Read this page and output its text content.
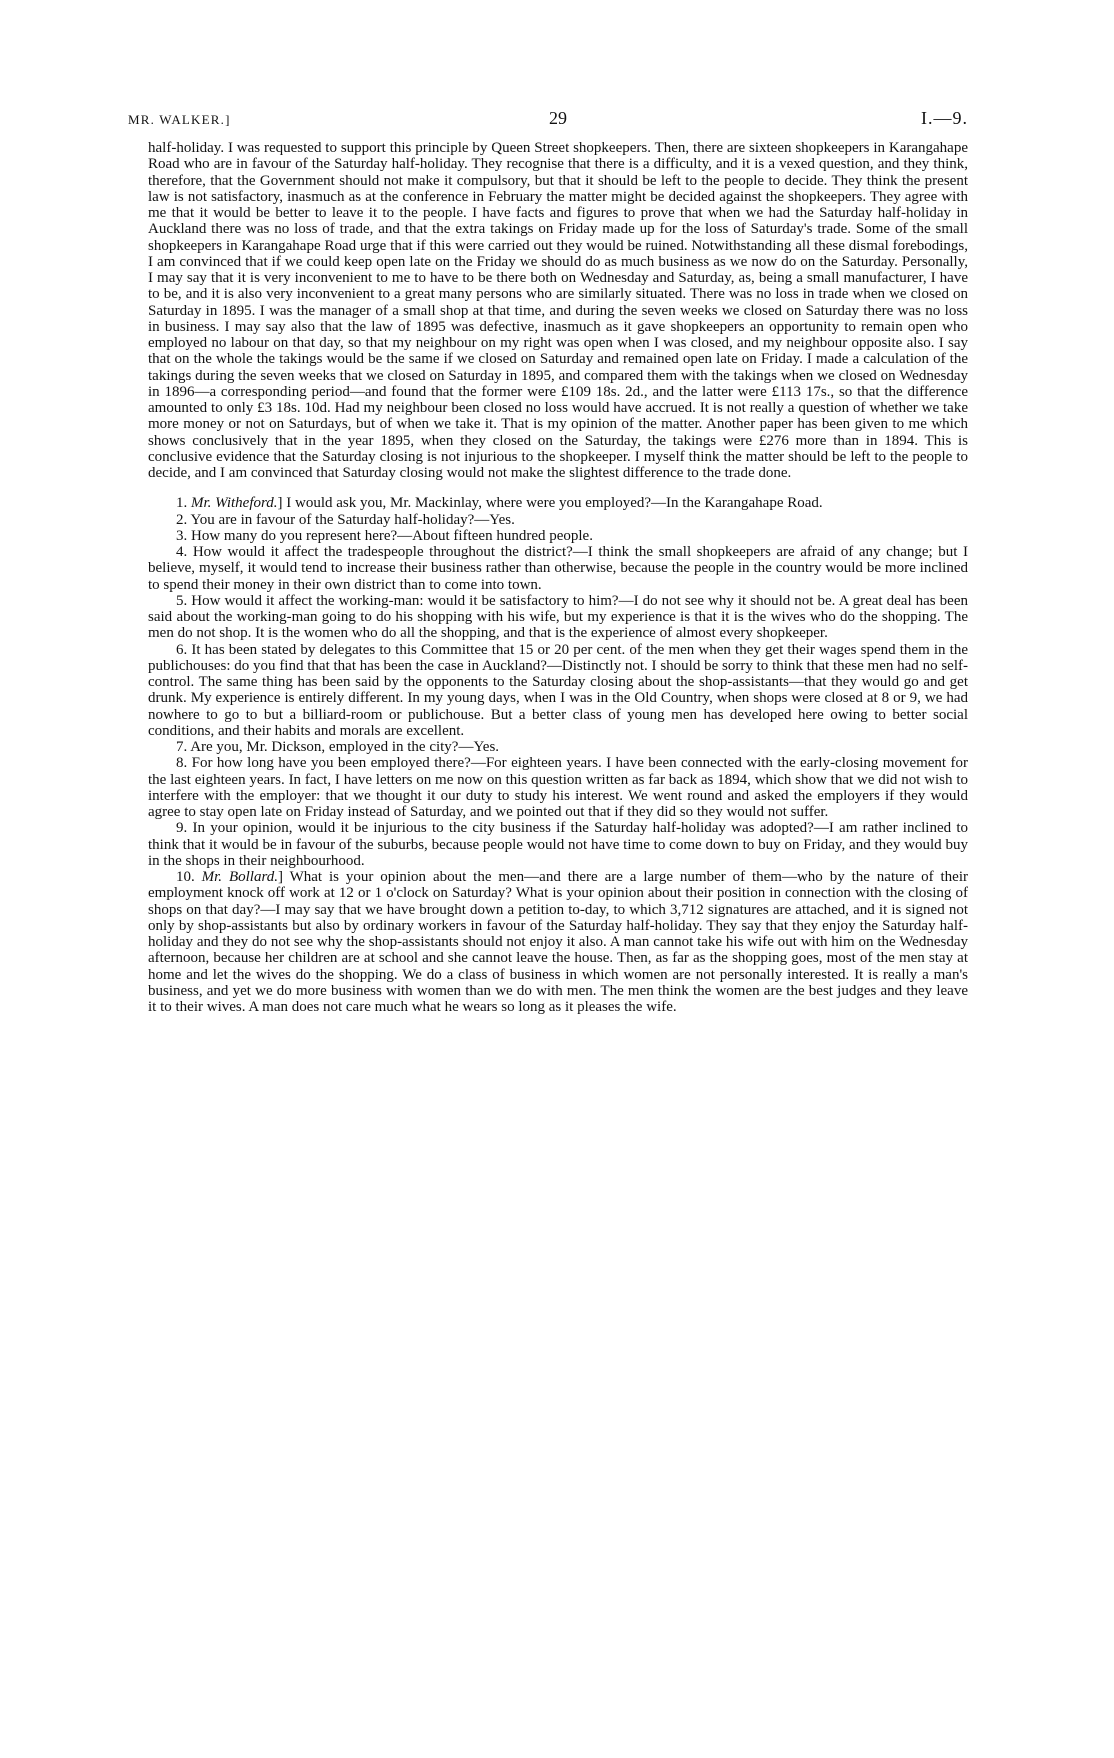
MR. WALKER.]	29	I.—9.

half-holiday. I was requested to support this principle by Queen Street shopkeepers. Then, there are sixteen shopkeepers in Karangahape Road who are in favour of the Saturday half-holiday. They recognise that there is a difficulty, and it is a vexed question, and they think, therefore, that the Government should not make it compulsory, but that it should be left to the people to decide. They think the present law is not satisfactory, inasmuch as at the conference in February the matter might be decided against the shopkeepers. They agree with me that it would be better to leave it to the people. I have facts and figures to prove that when we had the Saturday half-holiday in Auckland there was no loss of trade, and that the extra takings on Friday made up for the loss of Saturday's trade. Some of the small shopkeepers in Karangahape Road urge that if this were carried out they would be ruined. Notwithstanding all these dismal forebodings, I am convinced that if we could keep open late on the Friday we should do as much business as we now do on the Saturday. Personally, I may say that it is very inconvenient to me to have to be there both on Wednesday and Saturday, as, being a small manufacturer, I have to be, and it is also very inconvenient to a great many persons who are similarly situated. There was no loss in trade when we closed on Saturday in 1895. I was the manager of a small shop at that time, and during the seven weeks we closed on Saturday there was no loss in business. I may say also that the law of 1895 was defective, inasmuch as it gave shopkeepers an opportunity to remain open who employed no labour on that day, so that my neighbour on my right was open when I was closed, and my neighbour opposite also. I say that on the whole the takings would be the same if we closed on Saturday and remained open late on Friday. I made a calculation of the takings during the seven weeks that we closed on Saturday in 1895, and compared them with the takings when we closed on Wednesday in 1896—a corresponding period—and found that the former were £109 18s. 2d., and the latter were £113 17s., so that the difference amounted to only £3 18s. 10d. Had my neighbour been closed no loss would have accrued. It is not really a question of whether we take more money or not on Saturdays, but of when we take it. That is my opinion of the matter. Another paper has been given to me which shows conclusively that in the year 1895, when they closed on the Saturday, the takings were £276 more than in 1894. This is conclusive evidence that the Saturday closing is not injurious to the shopkeeper. I myself think the matter should be left to the people to decide, and I am convinced that Saturday closing would not make the slightest difference to the trade done.

1. Mr. Witheford.] I would ask you, Mr. Mackinlay, where were you employed?—In the Karangahape Road.

2. You are in favour of the Saturday half-holiday?—Yes.

3. How many do you represent here?—About fifteen hundred people.

4. How would it affect the tradespeople throughout the district?—I think the small shopkeepers are afraid of any change; but I believe, myself, it would tend to increase their business rather than otherwise, because the people in the country would be more inclined to spend their money in their own district than to come into town.

5. How would it affect the working-man: would it be satisfactory to him?—I do not see why it should not be. A great deal has been said about the working-man going to do his shopping with his wife, but my experience is that it is the wives who do the shopping. The men do not shop. It is the women who do all the shopping, and that is the experience of almost every shopkeeper.

6. It has been stated by delegates to this Committee that 15 or 20 per cent. of the men when they get their wages spend them in the publichouses: do you find that that has been the case in Auckland?—Distinctly not. I should be sorry to think that these men had no self-control. The same thing has been said by the opponents to the Saturday closing about the shop-assistants—that they would go and get drunk. My experience is entirely different. In my young days, when I was in the Old Country, when shops were closed at 8 or 9, we had nowhere to go to but a billiard-room or publichouse. But a better class of young men has developed here owing to better social conditions, and their habits and morals are excellent.

7. Are you, Mr. Dickson, employed in the city?—Yes.

8. For how long have you been employed there?—For eighteen years. I have been connected with the early-closing movement for the last eighteen years. In fact, I have letters on me now on this question written as far back as 1894, which show that we did not wish to interfere with the employer: that we thought it our duty to study his interest. We went round and asked the employers if they would agree to stay open late on Friday instead of Saturday, and we pointed out that if they did so they would not suffer.

9. In your opinion, would it be injurious to the city business if the Saturday half-holiday was adopted?—I am rather inclined to think that it would be in favour of the suburbs, because people would not have time to come down to buy on Friday, and they would buy in the shops in their neighbourhood.

10. Mr. Bollard.] What is your opinion about the men—and there are a large number of them—who by the nature of their employment knock off work at 12 or 1 o'clock on Saturday? What is your opinion about their position in connection with the closing of shops on that day?—I may say that we have brought down a petition to-day, to which 3,712 signatures are attached, and it is signed not only by shop-assistants but also by ordinary workers in favour of the Saturday half-holiday. They say that they enjoy the Saturday half-holiday and they do not see why the shop-assistants should not enjoy it also. A man cannot take his wife out with him on the Wednesday afternoon, because her children are at school and she cannot leave the house. Then, as far as the shopping goes, most of the men stay at home and let the wives do the shopping. We do a class of business in which women are not personally interested. It is really a man's business, and yet we do more business with women than we do with men. The men think the women are the best judges and they leave it to their wives. A man does not care much what he wears so long as it pleases the wife.
